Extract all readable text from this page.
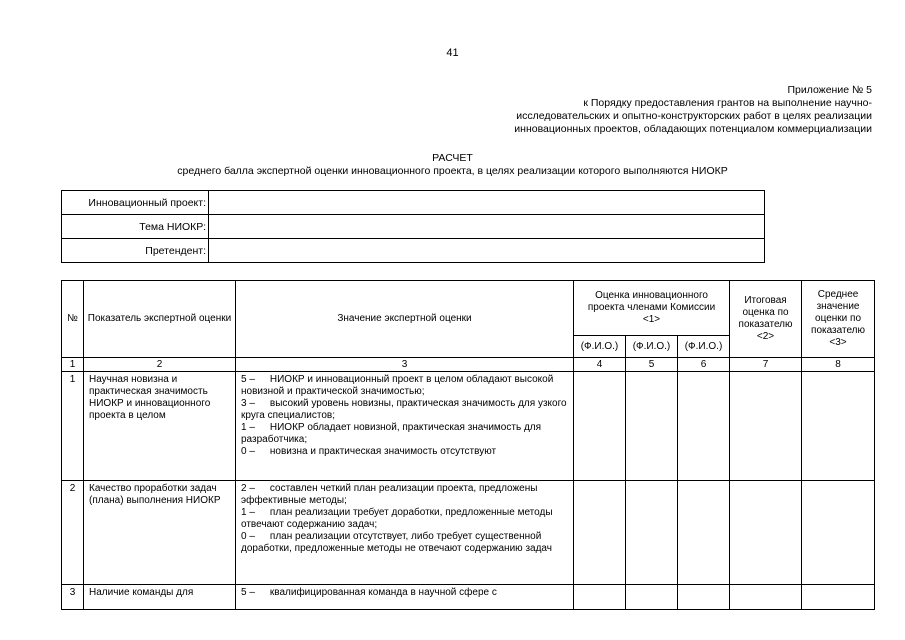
41
Приложение № 5
к Порядку предоставления грантов на выполнение научно-
исследовательских и опытно-конструкторских работ в целях реализации
инновационных проектов, обладающих потенциалом коммерциализации
РАСЧЕТ
среднего балла экспертной оценки инновационного проекта, в целях реализации которого выполняются НИОКР
Инновационный проект:	
Тема НИОКР:	
Претендент:	
№	Показатель экспертной оценки	Значение экспертной оценки	Оценка инновационного проекта членами Комиссии <1>			Итоговая оценка по показателю <2>	Среднее значение оценки по показателю <3>
			(Ф.И.О.)	(Ф.И.О.)	(Ф.И.О.)		
1	2	3	4	5	6	7	8
1	Научная новизна и практическая значимость НИОКР и инновационного проекта в целом	5 –  НИОКР и инновационный проект в целом обладают высокой новизной и практической значимостью;
3 –  высокий уровень новизны, практическая значимость для узкого круга специалистов;
1 –  НИОКР обладает новизной, практическая значимость для разработчика;
0 –  новизна и практическая значимость отсутствуют					

2	Качество проработки задач (плана) выполнения НИОКР	2 –  составлен четкий план реализации проекта, предложены эффективные методы;
1 –  план реализации требует доработки, предложенные методы отвечают содержанию задач;
0 –  план реализации отсутствует, либо требует существенной доработки, предложенные методы не отвечают содержанию задач					

3	Наличие команды для	5 –  квалифицированная команда в научной сфере с					
